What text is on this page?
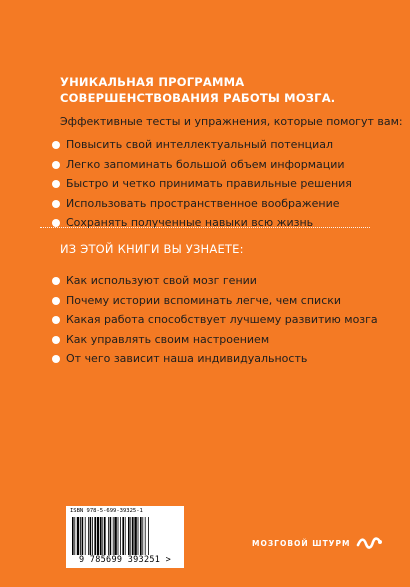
УНИКАЛЬНАЯ ПРОГРАММА
СОВЕРШЕНСТВОВАНИЯ РАБОТЫ МОЗГА.
Эффективные тесты и упражнения, которые помогут вам:
Повысить свой интеллектуальный потенциал
Легко запоминать большой объем информации
Быстро и четко принимать правильные решения
Использовать пространственное воображение
Сохранять полученные навыки всю жизнь
ИЗ ЭТОЙ КНИГИ ВЫ УЗНАЕТЕ:
Как используют свой мозг гении
Почему истории вспоминать легче, чем списки
Какая работа способствует лучшему развитию мозга
Как управлять своим настроением
От чего зависит наша индивидуальность
ISBN 978-5-699-39325-1
9 785699 393251 >
МОЗГОВОЙ ШТУРМ
